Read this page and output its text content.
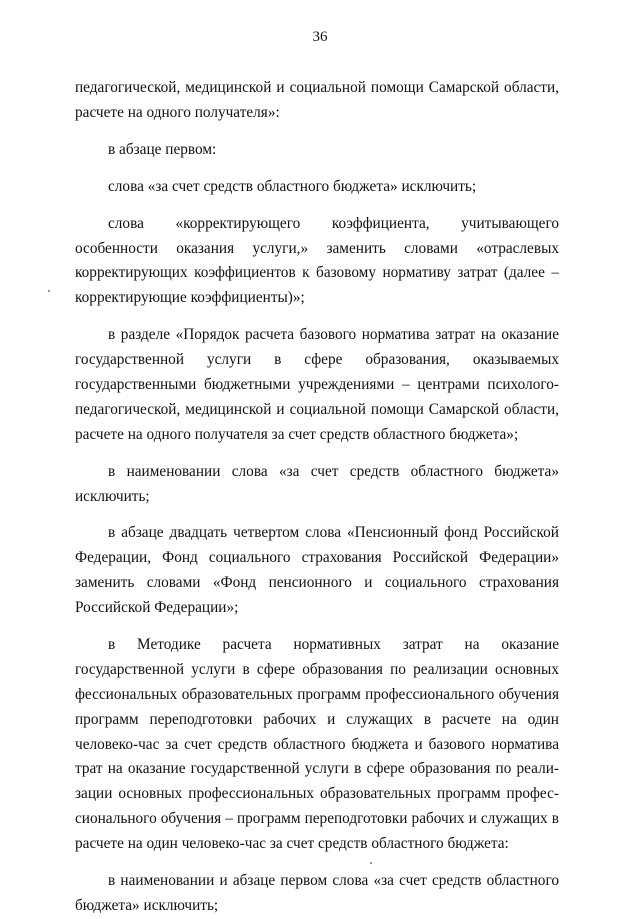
36

педагогической, медицинской и социальной помощи Самарской области,
расчете на одного получателя»:

в абзаце первом:

слова «за счет средств областного бюджета» исключить;

слова «корректирующего коэффициента, учитывающего
особенности оказания услуги,» заменить словами «отраслевых
корректирующих коэффициентов к базовому нормативу затрат (далее –
корректирующие коэффициенты)»;

в разделе «Порядок расчета базового норматива затрат на оказание
государственной услуги в сфере образования, оказываемых
государственными бюджетными учреждениями – центрами психолого-
педагогической, медицинской и социальной помощи Самарской области,
расчете на одного получателя за счет средств областного бюджета»;

в наименовании слова «за счет средств областного бюджета»
исключить;

в абзаце двадцать четвертом слова «Пенсионный фонд Российской
Федерации, Фонд социального страхования Российской Федерации»
заменить словами «Фонд пенсионного и социального страхования
Российской Федерации»;

в Методике расчета нормативных затрат на оказание
государственной услуги в сфере образования по реализации основных
фессиональных образовательных программ профессионального обучения
программ переподготовки рабочих и служащих в расчете на один
человеко-час за счет средств областного бюджета и базового норматива
трат на оказание государственной услуги в сфере образования по реали-
зации основных профессиональных образовательных программ профес-
сионального обучения – программ переподготовки рабочих и служащих в
расчете на один человеко-час за счет средств областного бюджета:

в наименовании и абзаце первом слова «за счет средств областного
бюджета» исключить;
